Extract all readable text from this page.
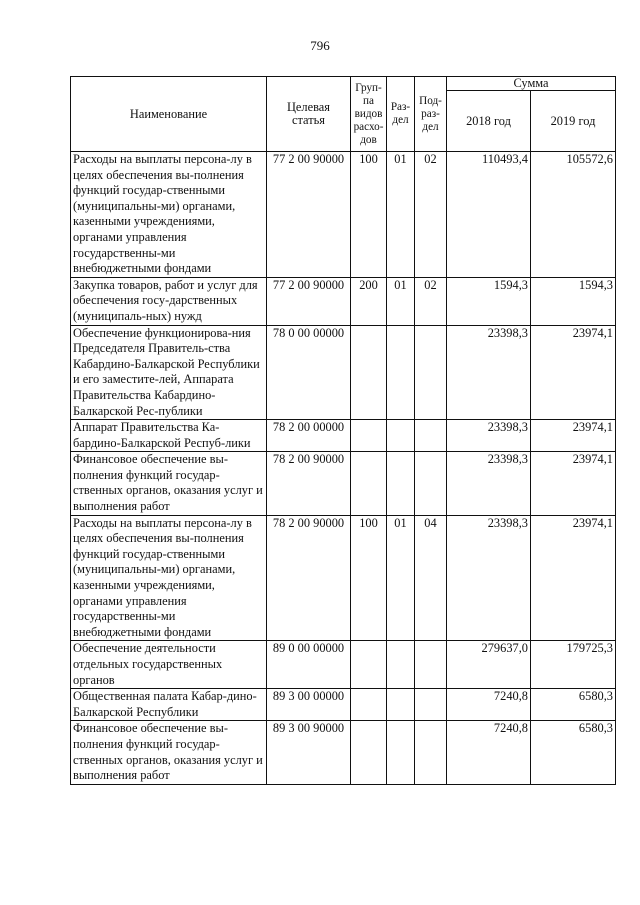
796
Наименование	Целевая статья	Груп-па видов расхо-дов	Раз-дел	Под-раз-дел	Сумма	
					2018 год	2019 год
Расходы на выплаты персона-лу в целях обеспечения вы-полнения функций государ-ственными (муниципальны-ми) органами, казенными учреждениями, органами управления государственны-ми внебюджетными фондами	77 2 00 90000	100	01	02	110493,4	105572,6
Закупка товаров, работ и услуг для обеспечения госу-дарственных (муниципаль-ных) нужд	77 2 00 90000	200	01	02	1594,3	1594,3
Обеспечение функционирова-ния Председателя Правитель-ства Кабардино-Балкарской Республики и его заместите-лей, Аппарата Правительства Кабардино-Балкарской Рес-публики	78 0 00 00000				23398,3	23974,1
Аппарат Правительства Ка-бардино-Балкарской Респуб-лики	78 2 00 00000				23398,3	23974,1
Финансовое обеспечение вы-полнения функций государ-ственных органов, оказания услуг и выполнения работ	78 2 00 90000				23398,3	23974,1
Расходы на выплаты персона-лу в целях обеспечения вы-полнения функций государ-ственными (муниципальны-ми) органами, казенными учреждениями, органами управления государственны-ми внебюджетными фондами	78 2 00 90000	100	01	04	23398,3	23974,1
Обеспечение деятельности отдельных государственных органов	89 0 00 00000				279637,0	179725,3
Общественная палата Кабар-дино-Балкарской Республики	89 3 00 00000				7240,8	6580,3
Финансовое обеспечение вы-полнения функций государ-ственных органов, оказания услуг и выполнения работ	89 3 00 90000				7240,8	6580,3
